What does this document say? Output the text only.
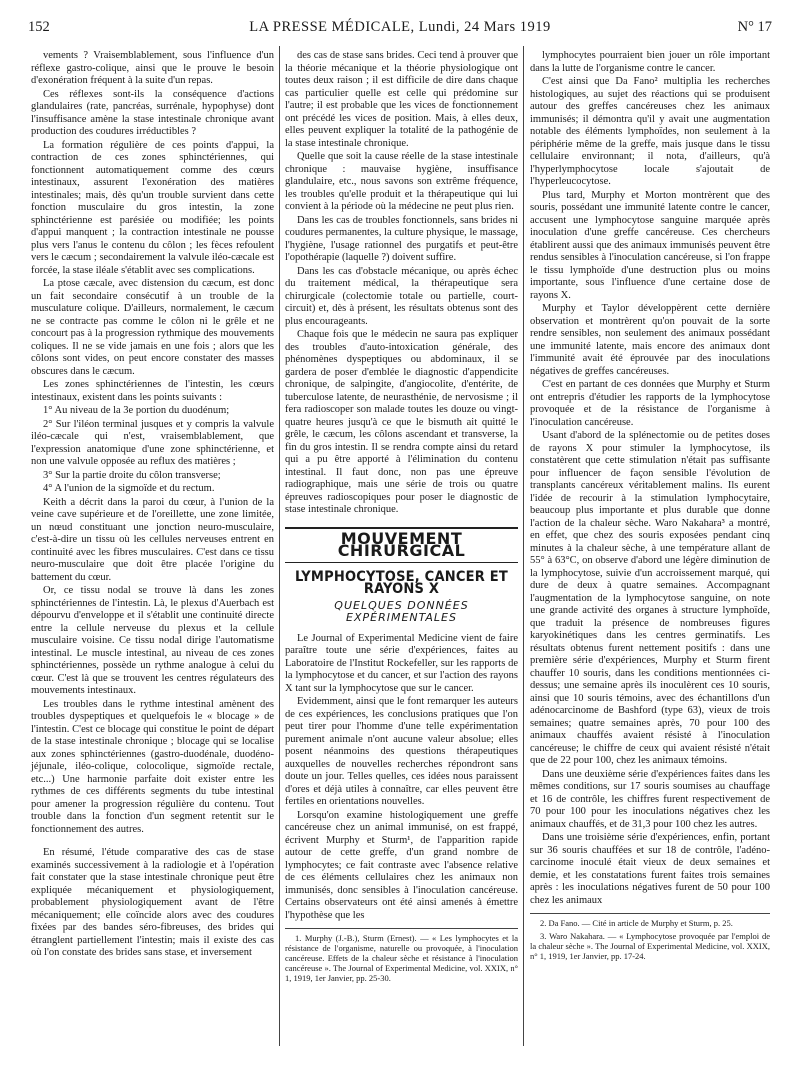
152	LA PRESSE MÉDICALE, Lundi, 24 Mars 1919	N° 17

vements ? Vraisemblablement, sous l'influence d'un réflexe gastro-colique, ainsi que le prouve le besoin d'exonération fréquent à la suite d'un repas.

Ces réflexes sont-ils la conséquence d'actions glandulaires (rate, pancréas, surrénale, hypophyse) dont l'insuffisance amène la stase intestinale chronique avant production des coudures irréductibles ?

La formation régulière de ces points d'appui, la contraction de ces zones sphinctériennes, qui fonctionnent automatiquement comme des cœurs intestinaux, assurent l'exonération des matières intestinales; mais, dès qu'un trouble survient dans cette fonction musculaire du gros intestin, la zone sphinctérienne est parésiée ou modifiée; les points d'appui manquent ; la contraction intestinale ne pousse plus vers l'anus le contenu du côlon ; les fèces refoulent vers le cæcum ; secondairement la valvule iléo-cæcale est forcée, la stase iléale s'établit avec ses complications.

La ptose cæcale, avec distension du cæcum, est donc un fait secondaire consécutif à un trouble de la musculature colique. D'ailleurs, normalement, le cæcum ne se contracte pas comme le côlon ni le grêle et ne concourt pas à la progression rythmique des mouvements coliques. Il ne se vide jamais en une fois ; alors que les côlons sont vides, on peut encore constater des masses obscures dans le cæcum.

Les zones sphinctériennes de l'intestin, les cœurs intestinaux, existent dans les points suivants :

1° Au niveau de la 3e portion du duodénum;

2° Sur l'iléon terminal jusques et y compris la valvule iléo-cæcale qui n'est, vraisemblablement, que l'expression anatomique d'une zone sphinctérienne, et non une valvule opposée au reflux des matières ;

3° Sur la partie droite du côlon transverse;

4° A l'union de la sigmoïde et du rectum.

Keith a décrit dans la paroi du cœur, à l'union de la veine cave supérieure et de l'oreillette, une zone limitée, un nœud constituant une jonction neuro-musculaire, c'est-à-dire un tissu où les cellules nerveuses entrent en continuité avec les fibres musculaires. C'est dans ce tissu neuro-musculaire que doit être placée l'origine du battement du cœur.

Or, ce tissu nodal se trouve là dans les zones sphinctériennes de l'intestin. Là, le plexus d'Auerbach est dépourvu d'enveloppe et il s'établit une continuité directe entre la cellule nerveuse du plexus et la cellule musculaire voisine. Ce tissu nodal dirige l'automatisme intestinal. Le muscle intestinal, au niveau de ces zones sphinctériennes, possède un rythme analogue à celui du cœur. C'est là que se trouvent les centres régulateurs des mouvements intestinaux.

Les troubles dans le rythme intestinal amènent des troubles dyspeptiques et quelquefois le « blocage » de l'intestin. C'est ce blocage qui constitue le point de départ de la stase intestinale chronique ; blocage qui se localise aux zones sphinctériennes (gastro-duodénale, duodéno-jéjunale, iléo-colique, colocolique, sigmoïde rectale, etc...) Une harmonie parfaite doit exister entre les rythmes de ces différents segments du tube intestinal pour amener la progression régulière du contenu. Tout trouble dans la fonction d'un segment retentit sur le fonctionnement des autres.

En résumé, l'étude comparative des cas de stase examinés successivement à la radiologie et à l'opération fait constater que la stase intestinale chronique peut être expliquée mécaniquement et physiologiquement, probablement physiologiquement avant de l'être mécaniquement; elle coïncide alors avec des coudures fixées par des bandes séro-fibreuses, des brides qui étranglent partiellement l'intestin; mais il existe des cas où l'on constate des brides sans stase, et inversement

des cas de stase sans brides. Ceci tend à prouver que la théorie mécanique et la théorie physiologique ont toutes deux raison ; il est difficile de dire dans chaque cas particulier quelle est celle qui prédomine sur l'autre; il est probable que les vices de fonctionnement ont précédé les vices de position. Mais, à elles deux, elles peuvent expliquer la totalité de la pathogénie de la stase intestinale chronique.

Quelle que soit la cause réelle de la stase intestinale chronique : mauvaise hygiène, insuffisance glandulaire, etc., nous savons son extrême fréquence, les troubles qu'elle produit et la thérapeutique qui lui convient à la période où la médecine ne peut plus rien.

Dans les cas de troubles fonctionnels, sans brides ni coudures permanentes, la culture physique, le massage, l'hygiène, l'usage rationnel des purgatifs et peut-être l'opothérapie (laquelle ?) doivent suffire.

Dans les cas d'obstacle mécanique, ou après échec du traitement médical, la thérapeutique sera chirurgicale (colectomie totale ou partielle, court-circuit) et, dès à présent, les résultats obtenus sont des plus encourageants.

Chaque fois que le médecin ne saura pas expliquer des troubles d'auto-intoxication générale, des phénomènes dyspeptiques ou abdominaux, il se gardera de poser d'emblée le diagnostic d'appendicite chronique, de salpingite, d'angiocolite, d'entérite, de tuberculose latente, de neurasthénie, de nervosisme ; il fera radioscoper son malade toutes les douze ou vingt-quatre heures jusqu'à ce que le bismuth ait quitté le grêle, le cæcum, les côlons ascendant et transverse, la fin du gros intestin. Il se rendra compte ainsi du retard qui a pu être apporté à l'élimination du contenu intestinal. Il faut donc, non pas une épreuve radiographique, mais une série de trois ou quatre épreuves radioscopiques pour poser le diagnostic de stase intestinale chronique.

MOUVEMENT CHIRURGICAL
LYMPHOCYTOSE, CANCER ET RAYONS X
QUELQUES DONNÉES EXPÉRIMENTALES

Le Journal of Experimental Medicine vient de faire paraître toute une série d'expériences, faites au Laboratoire de l'Institut Rockefeller, sur les rapports de la lymphocytose et du cancer, et sur l'action des rayons X tant sur la lymphocytose que sur le cancer.

Evidemment, ainsi que le font remarquer les auteurs de ces expériences, les conclusions pratiques que l'on peut tirer pour l'homme d'une telle expérimentation purement animale n'ont aucune valeur absolue; elles posent néanmoins des questions thérapeutiques auxquelles de nouvelles recherches répondront sans doute un jour. Telles quelles, ces idées nous paraissent d'ores et déjà utiles à connaître, car elles peuvent être fertiles en orientations nouvelles.

Lorsqu'on examine histologiquement une greffe cancéreuse chez un animal immunisé, on est frappé, écrivent Murphy et Sturm¹, de l'apparition rapide autour de cette greffe, d'un grand nombre de lymphocytes; ce fait contraste avec l'absence relative de ces éléments cellulaires chez les animaux non immunisés, donc sensibles à l'inoculation cancéreuse. Certains observateurs ont été ainsi amenés à émettre l'hypothèse que les

1. Murphy (J.-B.), Sturm (Ernest). — « Les lymphocytes et la résistance de l'organisme, naturelle ou provoquée, à l'inoculation cancéreuse. Effets de la chaleur sèche et résistance à l'inoculation cancéreuse ». The Journal of Experimental Medicine, vol. XXIX, n° 1, 1919, 1er Janvier, pp. 25-30.

lymphocytes pourraient bien jouer un rôle important dans la lutte de l'organisme contre le cancer.

C'est ainsi que Da Fano² multiplia les recherches histologiques, au sujet des réactions qui se produisent autour des greffes cancéreuses chez les animaux immunisés; il démontra qu'il y avait une augmentation notable des éléments lymphoïdes, non seulement à la périphérie même de la greffe, mais jusque dans le tissu cellulaire environnant; il nota, d'ailleurs, qu'à l'hyperlymphocytose locale s'ajoutait de l'hyperleucocytose.

Plus tard, Murphy et Morton montrèrent que des souris, possédant une immunité latente contre le cancer, accusent une lymphocytose sanguine marquée après inoculation d'une greffe cancéreuse. Ces chercheurs établirent aussi que des animaux immunisés peuvent être rendus sensibles à l'inoculation cancéreuse, si l'on frappe le tissu lymphoïde d'une destruction plus ou moins importante, sous l'influence d'une certaine dose de rayons X.

Murphy et Taylor développèrent cette dernière observation et montrèrent qu'on pouvait de la sorte rendre sensibles, non seulement des animaux possédant une immunité latente, mais encore des animaux dont l'immunité avait été éprouvée par des inoculations négatives de greffes cancéreuses.

C'est en partant de ces données que Murphy et Sturm ont entrepris d'étudier les rapports de la lymphocytose provoquée et de la résistance de l'organisme à l'inoculation cancéreuse.

Usant d'abord de la splénectomie ou de petites doses de rayons X pour stimuler la lymphocytose, ils constatèrent que cette stimulation n'était pas suffisante pour influencer de façon sensible l'évolution de transplants cancéreux véritablement malins. Ils eurent l'idée de recourir à la stimulation lymphocytaire, beaucoup plus importante et plus durable que donne l'action de la chaleur sèche. Waro Nakahara³ a montré, en effet, que chez des souris exposées pendant cinq minutes à la chaleur sèche, à une température allant de 55° à 63°C, on observe d'abord une légère diminution de la lymphocytose, suivie d'un accroissement marqué, qui dure de deux à quatre semaines. Accompagnant l'augmentation de la lymphocytose sanguine, on note une grande activité des organes à structure lymphoïde, que traduit la présence de nombreuses figures karyokinétiques dans les centres germinatifs. Les résultats obtenus furent nettement positifs : dans une première série d'expériences, Murphy et Sturm firent chauffer 10 souris, dans les conditions mentionnées ci-dessus; une semaine après ils inoculèrent ces 10 souris, ainsi que 10 souris témoins, avec des échantillons d'un adénocarcinome de Bashford (type 63), vieux de trois semaines; quatre semaines après, 70 pour 100 des animaux chauffés avaient résisté à l'inoculation cancéreuse; le chiffre de ceux qui avaient résisté n'était que de 22 pour 100, chez les animaux témoins.

Dans une deuxième série d'expériences faites dans les mêmes conditions, sur 17 souris soumises au chauffage et 16 de contrôle, les chiffres furent respectivement de 70 pour 100 pour les inoculations négatives chez les animaux chauffés, et de 31,3 pour 100 chez les autres.

Dans une troisième série d'expériences, enfin, portant sur 36 souris chauffées et sur 18 de contrôle, l'adéno-carcinome inoculé était vieux de deux semaines et demie, et les constatations furent faites trois semaines après : les inoculations négatives furent de 50 pour 100 chez les animaux

2. Da Fano. — Cité in article de Murphy et Sturm, p. 25.

3. Waro Nakahara. — « Lymphocytose provoquée par l'emploi de la chaleur sèche ». The Journal of Experimental Medicine, vol. XXIX, n° 1, 1919, 1er Janvier, pp. 17-24.
